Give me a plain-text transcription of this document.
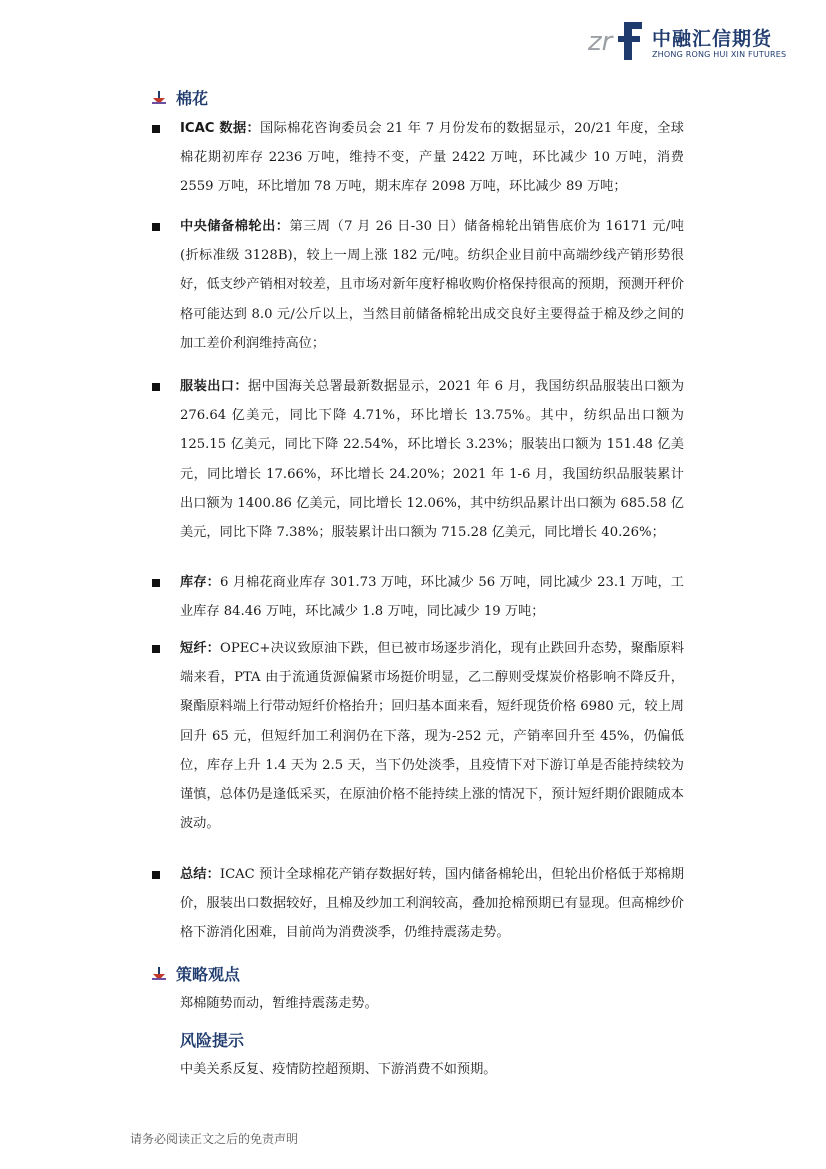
zr 中融汇信期货
ZHONG RONG HUI XIN FUTURES
棉花
ICAC 数据：国际棉花咨询委员会 21 年 7 月份发布的数据显示，20/21 年度，全球棉花期初库存 2236 万吨，维持不变，产量 2422 万吨，环比减少 10 万吨，消费 2559 万吨，环比增加 78 万吨，期末库存 2098 万吨，环比减少 89 万吨；
中央储备棉轮出：第三周（7 月 26 日-30 日）储备棉轮出销售底价为 16171 元/吨(折标准级 3128B)，较上一周上涨 182 元/吨。纺织企业目前中高端纱线产销形势很好，低支纱产销相对较差，且市场对新年度籽棉收购价格保持很高的预期，预测开秤价格可能达到 8.0 元/公斤以上，当然目前储备棉轮出成交良好主要得益于棉及纱之间的加工差价利润维持高位；
服装出口：据中国海关总署最新数据显示，2021 年 6 月，我国纺织品服装出口额为 276.64 亿美元，同比下降 4.71%，环比增长 13.75%。其中，纺织品出口额为 125.15 亿美元，同比下降 22.54%，环比增长 3.23%；服装出口额为 151.48 亿美元，同比增长 17.66%，环比增长 24.20%；2021 年 1-6 月，我国纺织品服装累计出口额为 1400.86 亿美元，同比增长 12.06%，其中纺织品累计出口额为 685.58 亿美元，同比下降 7.38%；服装累计出口额为 715.28 亿美元，同比增长 40.26%；
库存：6 月棉花商业库存 301.73 万吨，环比减少 56 万吨，同比减少 23.1 万吨，工业库存 84.46 万吨，环比减少 1.8 万吨，同比减少 19 万吨；
短纤：OPEC+决议致原油下跌，但已被市场逐步消化，现有止跌回升态势，聚酯原料端来看，PTA 由于流通货源偏紧市场挺价明显，乙二醇则受煤炭价格影响不降反升，聚酯原料端上行带动短纤价格抬升；回归基本面来看，短纤现货价格 6980 元，较上周回升 65 元，但短纤加工利润仍在下落，现为-252 元，产销率回升至 45%，仍偏低位，库存上升 1.4 天为 2.5 天，当下仍处淡季，且疫情下对下游订单是否能持续较为谨慎，总体仍是逢低采买，在原油价格不能持续上涨的情况下，预计短纤期价跟随成本波动。
总结：ICAC 预计全球棉花产销存数据好转，国内储备棉轮出，但轮出价格低于郑棉期价，服装出口数据较好，且棉及纱加工利润较高，叠加抢棉预期已有显现。但高棉纱价格下游消化困难，目前尚为消费淡季，仍维持震荡走势。
策略观点
郑棉随势而动，暂维持震荡走势。
风险提示
中美关系反复、疫情防控超预期、下游消费不如预期。
请务必阅读正文之后的免责声明
